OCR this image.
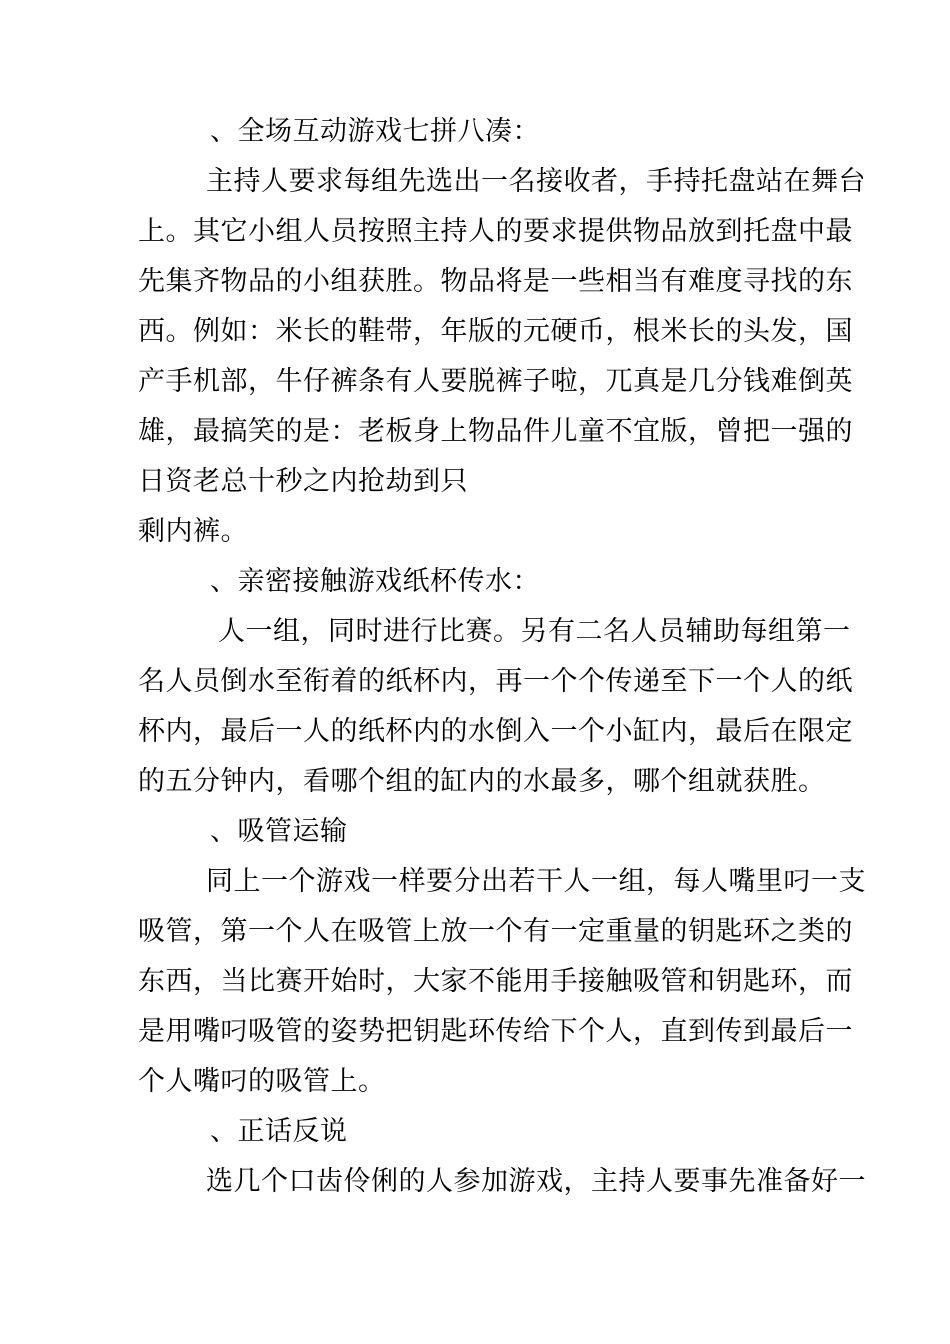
、全场互动游戏七拼八凑：
主持人要求每组先选出一名接收者，手持托盘站在舞台
上。其它小组人员按照主持人的要求提供物品放到托盘中最
先集齐物品的小组获胜。物品将是一些相当有难度寻找的东
西。例如：米长的鞋带，年版的元硬币，根米长的头发，国
产手机部，牛仔裤条有人要脱裤子啦，兀真是几分钱难倒英
雄，最搞笑的是：老板身上物品件儿童不宜版，曾把一强的
日资老总十秒之内抢劫到只
剩内裤。
、亲密接触游戏纸杯传水：
人一组，同时进行比赛。另有二名人员辅助每组第一
名人员倒水至衔着的纸杯内，再一个个传递至下一个人的纸
杯内，最后一人的纸杯内的水倒入一个小缸内，最后在限定
的五分钟内，看哪个组的缸内的水最多，哪个组就获胜。
、吸管运输
同上一个游戏一样要分出若干人一组，每人嘴里叼一支
吸管，第一个人在吸管上放一个有一定重量的钥匙环之类的
东西，当比赛开始时，大家不能用手接触吸管和钥匙环，而
是用嘴叼吸管的姿势把钥匙环传给下个人，直到传到最后一
个人嘴叼的吸管上。
、正话反说
选几个口齿伶俐的人参加游戏，主持人要事先准备好一
